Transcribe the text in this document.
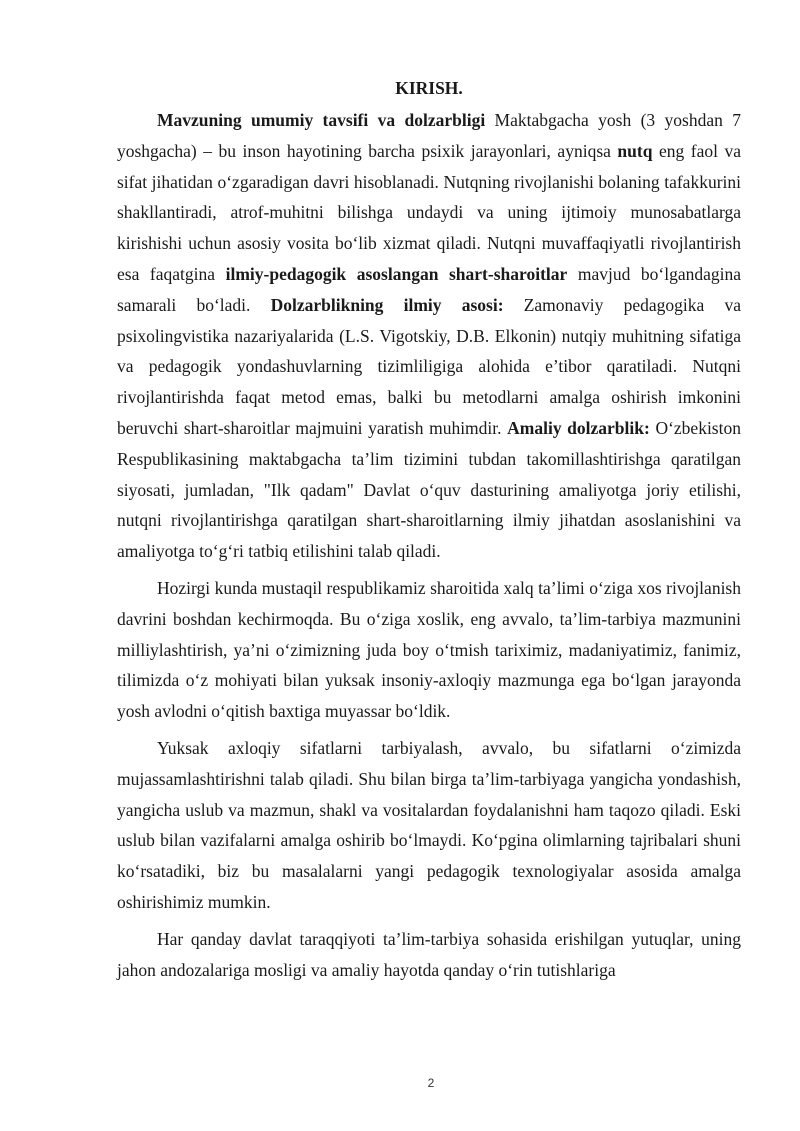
KIRISH.

Mavzuning umumiy tavsifi va dolzarbligi Maktabgacha yosh (3 yoshdan 7 yoshgacha) – bu inson hayotining barcha psixik jarayonlari, ayniqsa nutq eng faol va sifat jihatidan o‘zgaradigan davri hisoblanadi. Nutqning rivojlanishi bolaning tafakkurini shakllantiradi, atrof-muhitni bilishga undaydi va uning ijtimoiy munosabatlarga kirishishi uchun asosiy vosita bo‘lib xizmat qiladi. Nutqni muvaffaqiyatli rivojlantirish esa faqatgina ilmiy-pedagogik asoslangan shart-sharoitlar mavjud bo‘lgandagina samarali bo‘ladi. Dolzarblikning ilmiy asosi: Zamonaviy pedagogika va psixolingvistika nazariyalarida (L.S. Vigotskiy, D.B. Elkonin) nutqiy muhitning sifatiga va pedagogik yondashuvlarning tizimliligiga alohida e’tibor qaratiladi. Nutqni rivojlantirishda faqat metod emas, balki bu metodlarni amalga oshirish imkonini beruvchi shart-sharoitlar majmuini yaratish muhimdir. Amaliy dolzarblik: O‘zbekiston Respublikasining maktabgacha ta’lim tizimini tubdan takomillashtirishga qaratilgan siyosati, jumladan, "Ilk qadam" Davlat o‘quv dasturining amaliyotga joriy etilishi, nutqni rivojlantirishga qaratilgan shart-sharoitlarning ilmiy jihatdan asoslanishini va amaliyotga to‘g‘ri tatbiq etilishini talab qiladi.

Hozirgi kunda mustaqil respublikamiz sharoitida xalq ta’limi o‘ziga xos rivojlanish davrini boshdan kechirmoqda. Bu o‘ziga xoslik, eng avvalo, ta’lim-tarbiya mazmunini milliylashtirish, ya’ni o‘zimizning juda boy o‘tmish tariximiz, madaniyatimiz, fanimiz, tilimizda o‘z mohiyati bilan yuksak insoniy-axloqiy mazmunga ega bo‘lgan jarayonda yosh avlodni o‘qitish baxtiga muyassar bo‘ldik.

Yuksak axloqiy sifatlarni tarbiyalash, avvalo, bu sifatlarni o‘zimizda mujassamlashtirishni talab qiladi. Shu bilan birga ta’lim-tarbiyaga yangicha yondashish, yangicha uslub va mazmun, shakl va vositalardan foydalanishni ham taqozo qiladi. Eski uslub bilan vazifalarni amalga oshirib bo‘lmaydi. Ko‘pgina olimlarning tajribalari shuni ko‘rsatadiki, biz bu masalalarni yangi pedagogik texnologiyalar asosida amalga oshirishimiz mumkin.

Har qanday davlat taraqqiyoti ta’lim-tarbiya sohasida erishilgan yutuqlar, uning jahon andozalariga mosligi va amaliy hayotda qanday o‘rin tutishlariga

2
